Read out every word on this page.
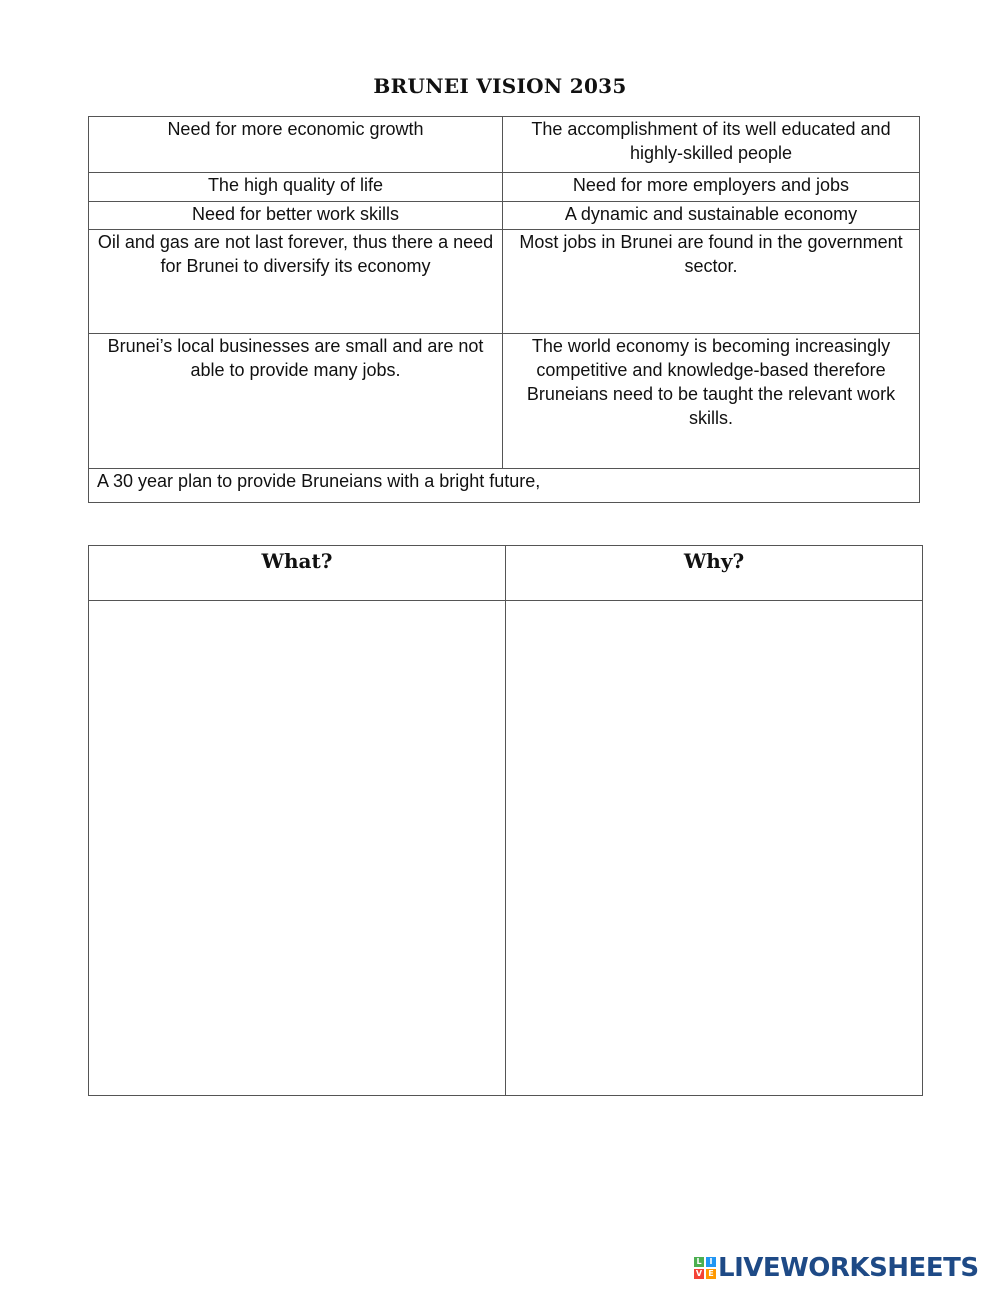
BRUNEI VISION 2035
Need for more economic growth	The accomplishment of its well educated and highly-skilled people
The high quality of life	Need for more employers and jobs
Need for better work skills	A dynamic and sustainable economy
Oil and gas are not last forever, thus there a need for Brunei to diversify its economy	Most jobs in Brunei are found in the government sector.
Brunei’s local businesses are small and are not able to provide many jobs.	The world economy is becoming increasingly competitive and knowledge-based therefore Bruneians need to be taught the relevant work skills.
A 30 year plan to provide Bruneians with a bright future,	
What?	Why?

L I
V E LIVEWORKSHEETS
